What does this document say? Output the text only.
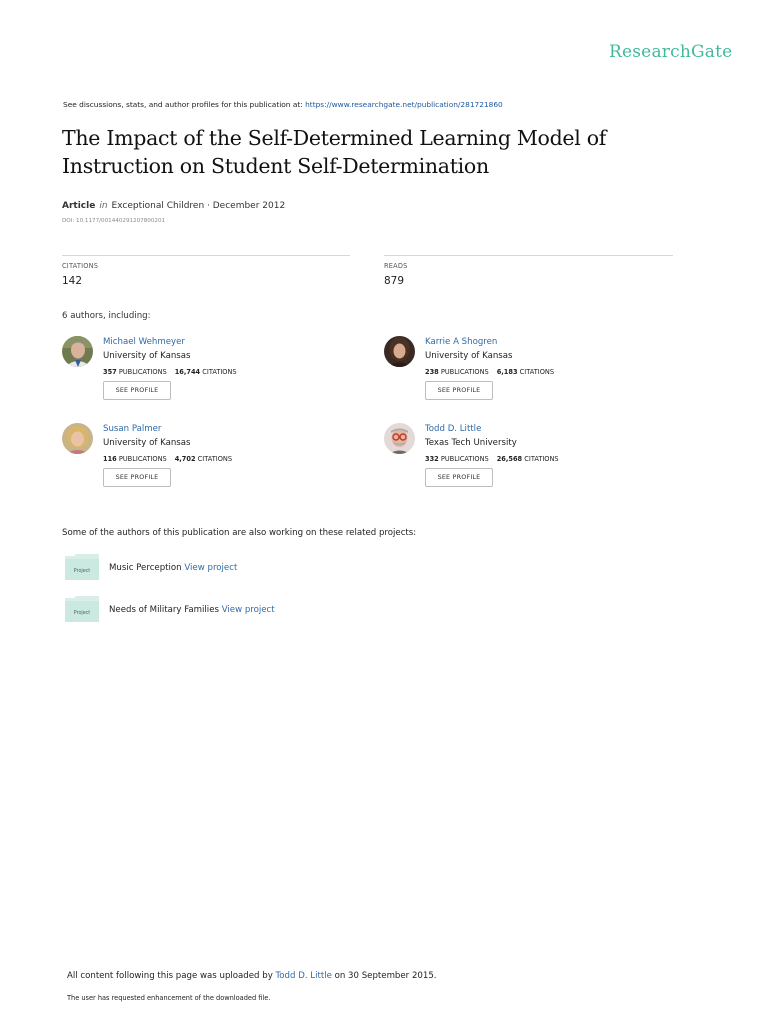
ResearchGate
See discussions, stats, and author profiles for this publication at: https://www.researchgate.net/publication/281721860
The Impact of the Self-Determined Learning Model of Instruction on Student Self-Determination
Article in Exceptional Children · December 2012
DOI: 10.1177/001440291207800201
CITATIONS
142
READS
879
6 authors, including:
Michael Wehmeyer
University of Kansas
357 PUBLICATIONS 16,744 CITATIONS
SEE PROFILE
Karrie A Shogren
University of Kansas
238 PUBLICATIONS 6,183 CITATIONS
SEE PROFILE
Susan Palmer
University of Kansas
116 PUBLICATIONS 4,702 CITATIONS
SEE PROFILE
Todd D. Little
Texas Tech University
332 PUBLICATIONS 26,568 CITATIONS
SEE PROFILE
Some of the authors of this publication are also working on these related projects:
Project Music Perception View project
Project Needs of Military Families View project
All content following this page was uploaded by Todd D. Little on 30 September 2015.
The user has requested enhancement of the downloaded file.
